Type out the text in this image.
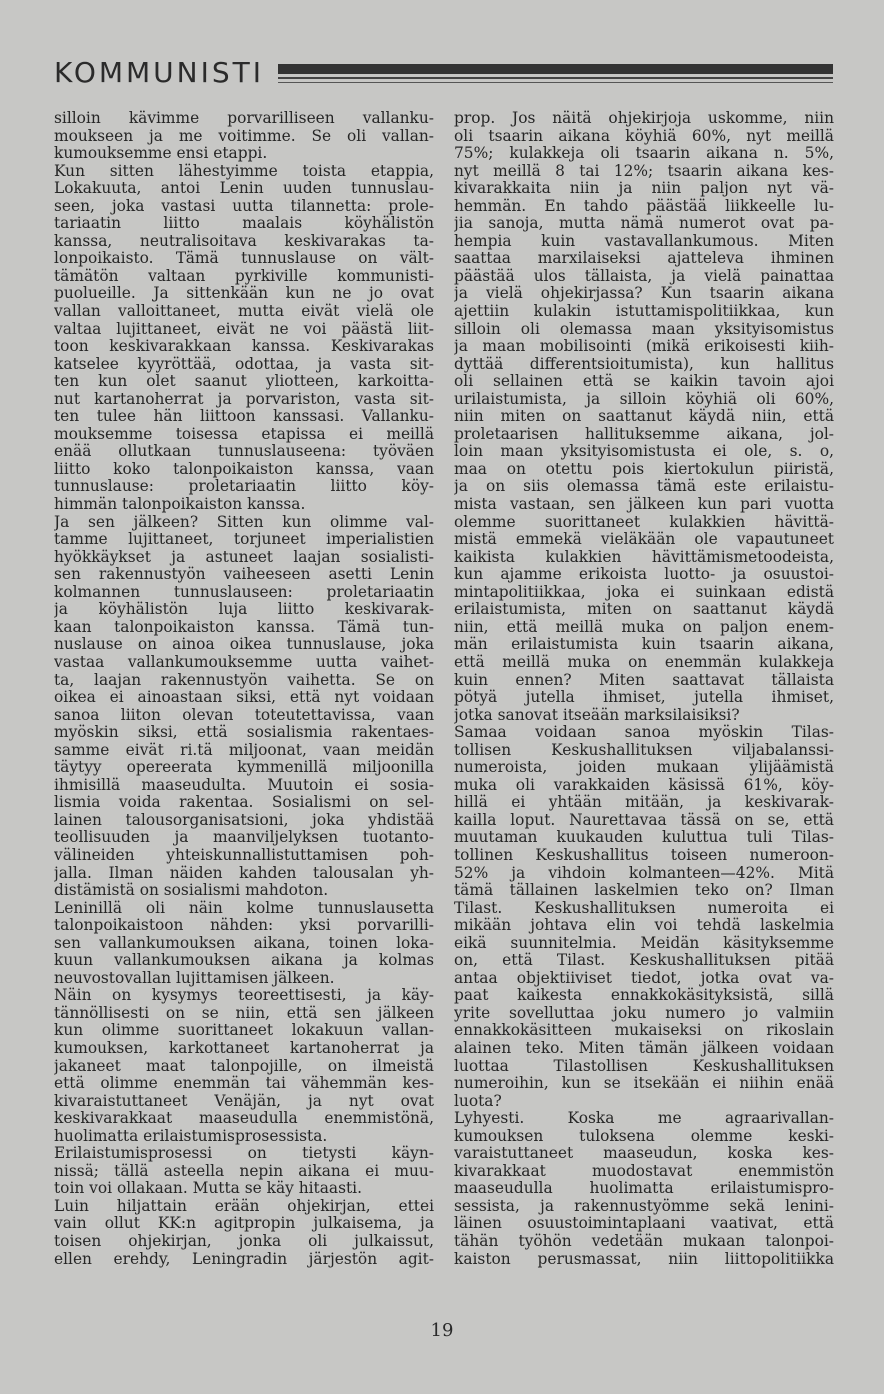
KOMMUNISTI
silloin kävimme porvarilliseen vallanku-
moukseen ja me voitimme. Se oli vallan-
kumouksemme ensi etappi.
Kun sitten lähestyimme toista etappia,
Lokakuuta, antoi Lenin uuden tunnuslau-
seen, joka vastasi uutta tilannetta: prole-
tariaatin liitto maalais köyhälistön
kanssa, neutralisoitava keskivarakas ta-
lonpoikaisto. Tämä tunnuslause on vält-
tämätön valtaan pyrkiville kommunisti-
puolueille. Ja sittenkään kun ne jo ovat
vallan valloittaneet, mutta eivät vielä ole
valtaa lujittaneet, eivät ne voi päästä liit-
toon keskivarakkaan kanssa. Keskivarakas
katselee kyyröttää, odottaa, ja vasta sit-
ten kun olet saanut yliotteen, karkoitta-
nut kartanoherrat ja porvariston, vasta sit-
ten tulee hän liittoon kanssasi. Vallanku-
mouksemme toisessa etapissa ei meillä
enää ollutkaan tunnuslauseena: työväen
liitto koko talonpoikaiston kanssa, vaan
tunnuslause: proletariaatin liitto köy-
himmän talonpoikaiston kanssa.
Ja sen jälkeen? Sitten kun olimme val-
tamme lujittaneet, torjuneet imperialistien
hyökkäykset ja astuneet laajan sosialisti-
sen rakennustyön vaiheeseen asetti Lenin
kolmannen tunnuslauseen: proletariaatin
ja köyhälistön luja liitto keskivarak-
kaan talonpoikaiston kanssa. Tämä tun-
nuslause on ainoa oikea tunnuslause, joka
vastaa vallankumouksemme uutta vaihet-
ta, laajan rakennustyön vaihetta. Se on
oikea ei ainoastaan siksi, että nyt voidaan
sanoa liiton olevan toteutettavissa, vaan
myöskin siksi, että sosialismia rakentaes-
samme eivät ri.tä miljoonat, vaan meidän
täytyy opereerata kymmenillä miljoonilla
ihmisillä maaseudulta. Muutoin ei sosia-
lismia voida rakentaa. Sosialismi on sel-
lainen talousorganisatsioni, joka yhdistää
teollisuuden ja maanviljelyksen tuotanto-
välineiden yhteiskunnallistuttamisen poh-
jalla. Ilman näiden kahden talousalan yh-
distämistä on sosialismi mahdoton.
Leninillä oli näin kolme tunnuslausetta
talonpoikaistoon nähden: yksi porvarilli-
sen vallankumouksen aikana, toinen loka-
kuun vallankumouksen aikana ja kolmas
neuvostovallan lujittamisen jälkeen.
Näin on kysymys teoreettisesti, ja käy-
tännöllisesti on se niin, että sen jälkeen
kun olimme suorittaneet lokakuun vallan-
kumouksen, karkottaneet kartanoherrat ja
jakaneet maat talonpojille, on ilmeistä
että olimme enemmän tai vähemmän kes-
kivaraistuttaneet Venäjän, ja nyt ovat
keskivarakkaat maaseudulla enemmistönä,
huolimatta erilaistumisprosessista.
Erilaistumisprosessi on tietysti käyn-
nissä; tällä asteella nepin aikana ei muu-
toin voi ollakaan. Mutta se käy hitaasti.
Luin hiljattain erään ohjekirjan, ettei
vain ollut KK:n agitpropin julkaisema, ja
toisen ohjekirjan, jonka oli julkaissut,
ellen erehdy, Leningradin järjestön agit-
prop. Jos näitä ohjekirjoja uskomme, niin
oli tsaarin aikana köyhiä 60%, nyt meillä
75%; kulakkeja oli tsaarin aikana n. 5%,
nyt meillä 8 tai 12%; tsaarin aikana kes-
kivarakkaita niin ja niin paljon nyt vä-
hemmän. En tahdo päästää liikkeelle lu-
jia sanoja, mutta nämä numerot ovat pa-
hempia kuin vastavallankumous. Miten
saattaa marxilaiseksi ajatteleva ihminen
päästää ulos tällaista, ja vielä painattaa
ja vielä ohjekirjassa? Kun tsaarin aikana
ajettiin kulakin istuttamispolitiikkaa, kun
silloin oli olemassa maan yksityisomistus
ja maan mobilisointi (mikä erikoisesti kiih-
dyttää differentsioitumista), kun hallitus
oli sellainen että se kaikin tavoin ajoi
urilaistumista, ja silloin köyhiä oli 60%,
niin miten on saattanut käydä niin, että
proletaarisen hallituksemme aikana, jol-
loin maan yksityisomistusta ei ole, s. o,
maa on otettu pois kiertokulun piiristä,
ja on siis olemassa tämä este erilaistu-
mista vastaan, sen jälkeen kun pari vuotta
olemme suorittaneet kulakkien hävittä-
mistä emmekä vieläkään ole vapautuneet
kaikista kulakkien hävittämismetoodeista,
kun ajamme erikoista luotto- ja osuustoi-
mintapolitiikkaa, joka ei suinkaan edistä
erilaistumista, miten on saattanut käydä
niin, että meillä muka on paljon enem-
män erilaistumista kuin tsaarin aikana,
että meillä muka on enemmän kulakkeja
kuin ennen? Miten saattavat tällaista
pötyä jutella ihmiset, jutella ihmiset,
jotka sanovat itseään marksilaisiksi?
Samaa voidaan sanoa myöskin Tilas-
tollisen Keskushallituksen viljabalanssi-
numeroista, joiden mukaan ylijäämistä
muka oli varakkaiden käsissä 61%, köy-
hillä ei yhtään mitään, ja keskivarak-
kailla loput. Naurettavaa tässä on se, että
muutaman kuukauden kuluttua tuli Tilas-
tollinen Keskushallitus toiseen numeroon-
52% ja vihdoin kolmanteen—42%. Mitä
tämä tällainen laskelmien teko on? Ilman
Tilast. Keskushallituksen numeroita ei
mikään johtava elin voi tehdä laskelmia
eikä suunnitelmia. Meidän käsityksemme
on, että Tilast. Keskushallituksen pitää
antaa objektiiviset tiedot, jotka ovat va-
paat kaikesta ennakkokäsityksistä, sillä
yrite sovelluttaa joku numero jo valmiin
ennakkokäsitteen mukaiseksi on rikoslain
alainen teko. Miten tämän jälkeen voidaan
luottaa Tilastollisen Keskushallituksen
numeroihin, kun se itsekään ei niihin enää
luota?
Lyhyesti. Koska me agraarivallan-
kumouksen tuloksena olemme keski-
varaistuttaneet maaseudun, koska kes-
kivarakkaat muodostavat enemmistön
maaseudulla huolimatta erilaistumispro-
sessista, ja rakennustyömme sekä lenini-
läinen osuustoimintaplaani vaativat, että
tähän työhön vedetään mukaan talonpoi-
kaiston perusmassat, niin liittopolitiikka
19
